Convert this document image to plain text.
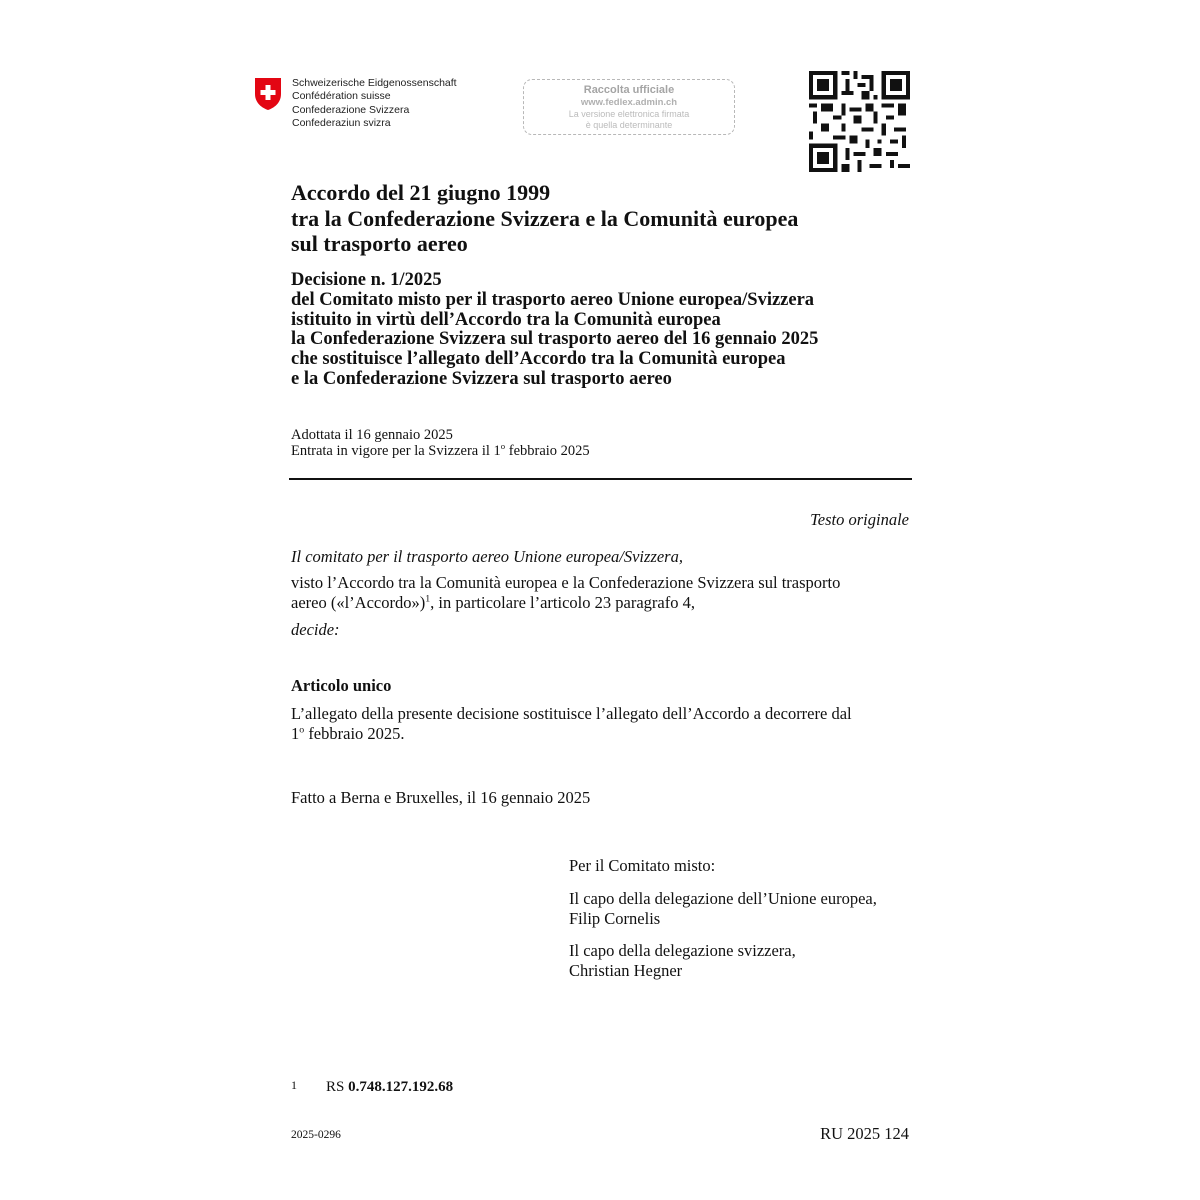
Schweizerische Eidgenossenschaft
Confédération suisse
Confederazione Svizzera
Confederaziun svizra
Raccolta ufficiale
www.fedlex.admin.ch
La versione elettronica firmata
è quella determinante
Accordo del 21 giugno 1999
tra la Confederazione Svizzera e la Comunità europea
sul trasporto aereo
Decisione n. 1/2025
del Comitato misto per il trasporto aereo Unione europea/Svizzera
istituito in virtù dell’Accordo tra la Comunità europea
la Confederazione Svizzera sul trasporto aereo del 16 gennaio 2025
che sostituisce l’allegato dell’Accordo tra la Comunità europea
e la Confederazione Svizzera sul trasporto aereo
Adottata il 16 gennaio 2025
Entrata in vigore per la Svizzera il 1$^o$ febbraio 2025
Testo originale
Il comitato per il trasporto aereo Unione europea/Svizzera,
visto l’Accordo tra la Comunità europea e la Confederazione Svizzera sul trasporto
aereo («l’Accordo»)$^1$, in particolare l’articolo 23 paragrafo 4,
decide:
Articolo unico
L’allegato della presente decisione sostituisce l’allegato dell’Accordo a decorrere dal
1$^o$ febbraio 2025.
Fatto a Berna e Bruxelles, il 16 gennaio 2025
Per il Comitato misto:
Il capo della delegazione dell’Unione europea,
Filip Cornelis
Il capo della delegazione svizzera,
Christian Hegner
1 RS 0.748.127.192.68
2025-0296	RU 2025 124
